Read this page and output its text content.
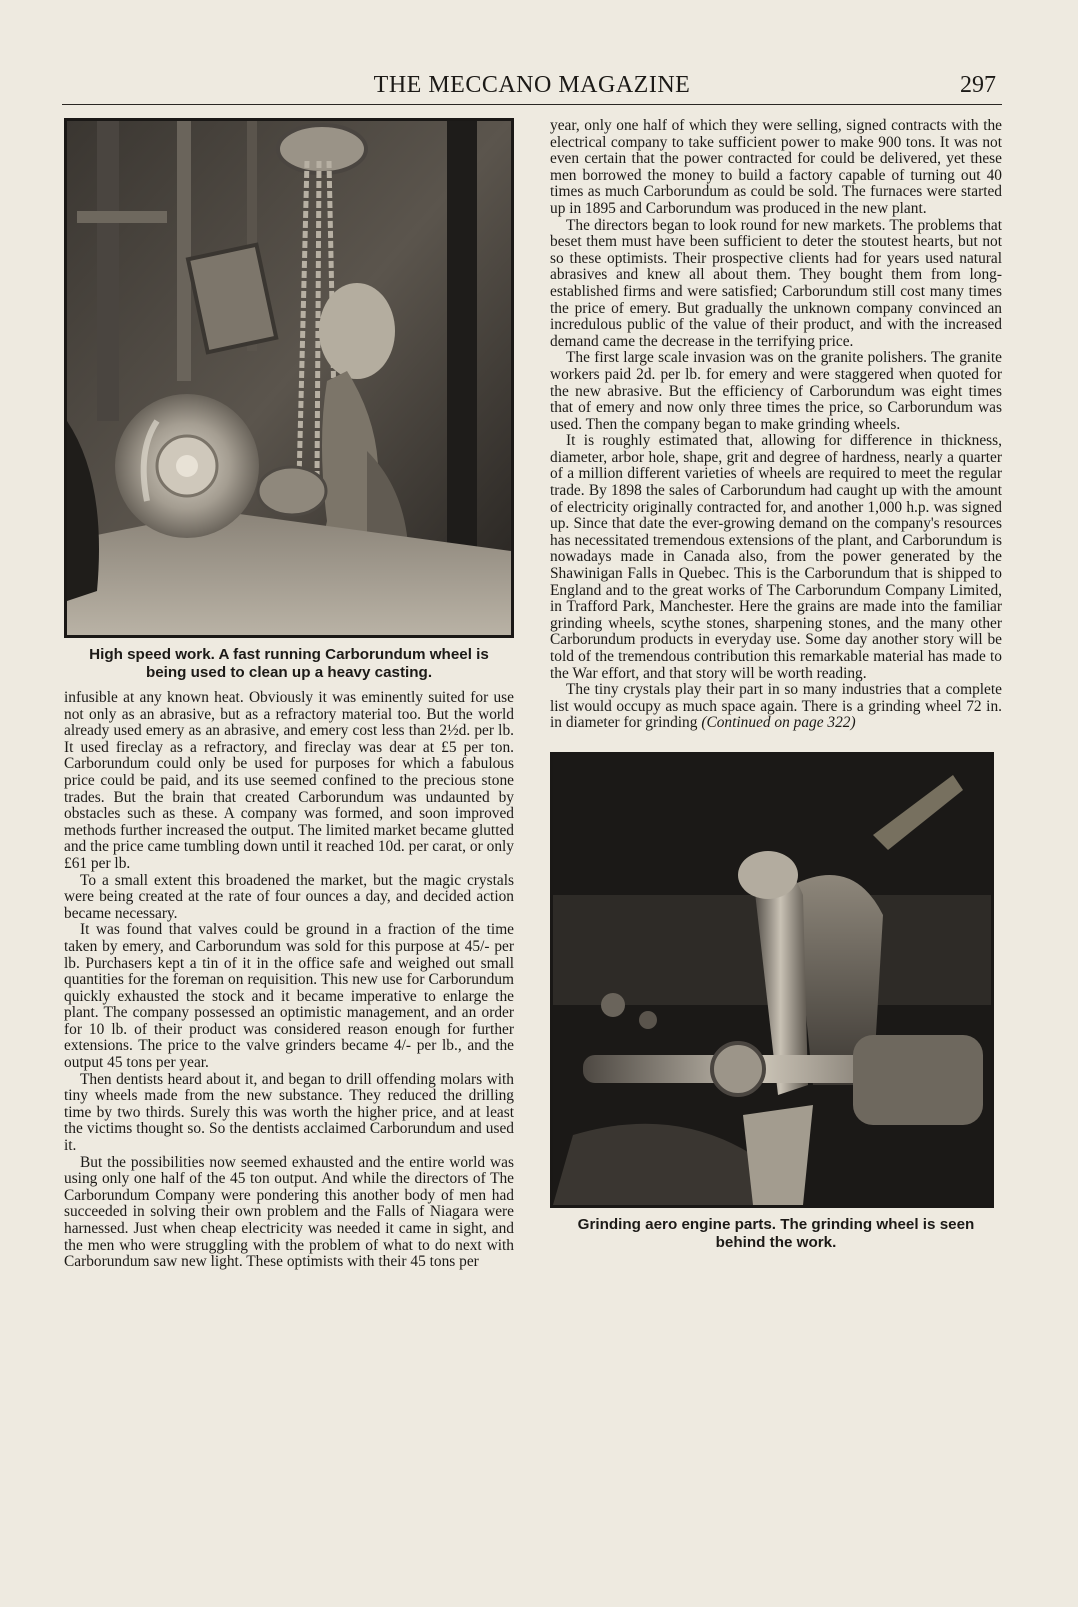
THE MECCANO MAGAZINE	297
High speed work. A fast running Carborundum wheel is being used to clean up a heavy casting.

infusible at any known heat. Obviously it was eminently suited for use not only as an abrasive, but as a refractory material too. But the world already used emery as an abrasive, and emery cost less than 2½d. per lb. It used fireclay as a refractory, and fireclay was dear at £5 per ton. Carborundum could only be used for purposes for which a fabulous price could be paid, and its use seemed confined to the precious stone trades. But the brain that created Carborundum was undaunted by obstacles such as these. A company was formed, and soon improved methods further increased the output. The limited market became glutted and the price came tumbling down until it reached 10d. per carat, or only £61 per lb.

To a small extent this broadened the market, but the magic crystals were being created at the rate of four ounces a day, and decided action became necessary.

It was found that valves could be ground in a fraction of the time taken by emery, and Carborundum was sold for this purpose at 45/- per lb. Purchasers kept a tin of it in the office safe and weighed out small quantities for the foreman on requisition. This new use for Carborundum quickly exhausted the stock and it became imperative to enlarge the plant. The company possessed an optimistic management, and an order for 10 lb. of their product was considered reason enough for further extensions. The price to the valve grinders became 4/- per lb., and the output 45 tons per year.

Then dentists heard about it, and began to drill offending molars with tiny wheels made from the new substance. They reduced the drilling time by two thirds. Surely this was worth the higher price, and at least the victims thought so. So the dentists acclaimed Carborundum and used it.

But the possibilities now seemed exhausted and the entire world was using only one half of the 45 ton output. And while the directors of The Carborundum Company were pondering this another body of men had succeeded in solving their own problem and the Falls of Niagara were harnessed. Just when cheap electricity was needed it came in sight, and the men who were struggling with the problem of what to do next with Carborundum saw new light. These optimists with their 45 tons per

year, only one half of which they were selling, signed contracts with the electrical company to take sufficient power to make 900 tons. It was not even certain that the power contracted for could be delivered, yet these men borrowed the money to build a factory capable of turning out 40 times as much Carborundum as could be sold. The furnaces were started up in 1895 and Carborundum was produced in the new plant.

The directors began to look round for new markets. The problems that beset them must have been sufficient to deter the stoutest hearts, but not so these optimists. Their prospective clients had for years used natural abrasives and knew all about them. They bought them from long-established firms and were satisfied; Carborundum still cost many times the price of emery. But gradually the unknown company convinced an incredulous public of the value of their product, and with the increased demand came the decrease in the terrifying price.

The first large scale invasion was on the granite polishers. The granite workers paid 2d. per lb. for emery and were staggered when quoted for the new abrasive. But the efficiency of Carborundum was eight times that of emery and now only three times the price, so Carborundum was used. Then the company began to make grinding wheels.

It is roughly estimated that, allowing for difference in thickness, diameter, arbor hole, shape, grit and degree of hardness, nearly a quarter of a million different varieties of wheels are required to meet the regular trade. By 1898 the sales of Carborundum had caught up with the amount of electricity originally contracted for, and another 1,000 h.p. was signed up. Since that date the ever-growing demand on the company's resources has necessitated tremendous extensions of the plant, and Carborundum is nowadays made in Canada also, from the power generated by the Shawinigan Falls in Quebec. This is the Carborundum that is shipped to England and to the great works of The Carborundum Company Limited, in Trafford Park, Manchester. Here the grains are made into the familiar grinding wheels, scythe stones, sharpening stones, and the many other Carborundum products in everyday use. Some day another story will be told of the tremendous contribution this remarkable material has made to the War effort, and that story will be worth reading.

The tiny crystals play their part in so many industries that a complete list would occupy as much space again. There is a grinding wheel 72 in. in diameter for grinding (Continued on page 322)

Grinding aero engine parts. The grinding wheel is seen behind the work.
